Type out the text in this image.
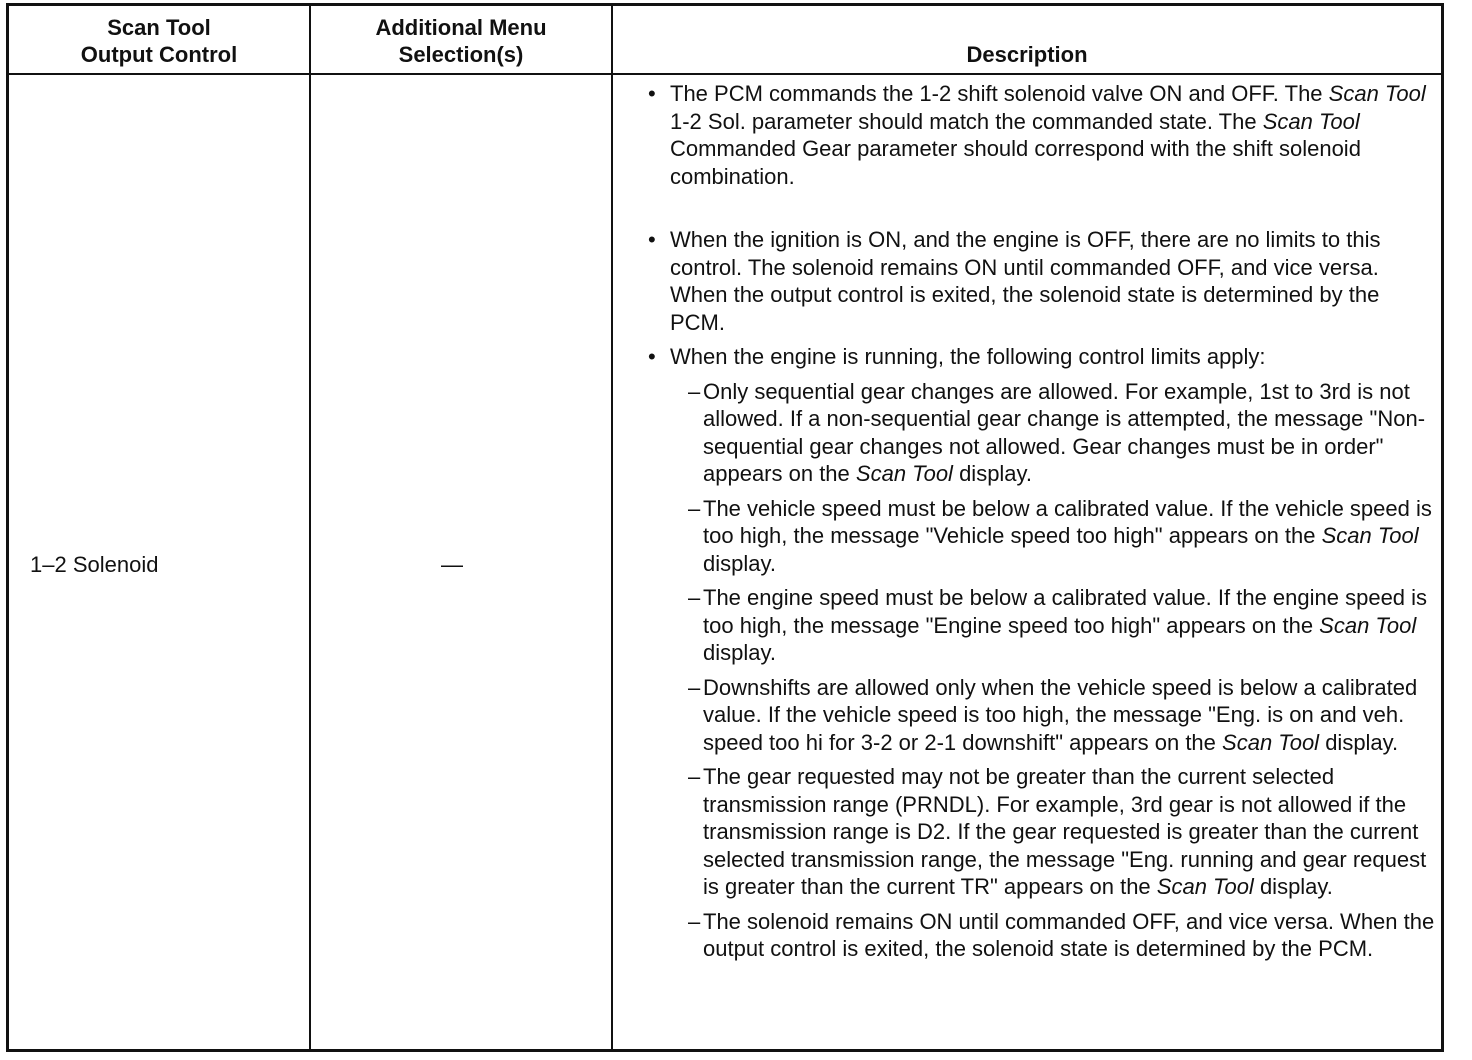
Scan Tool
Output Control
Additional Menu
Selection(s)	Description
1–2 Solenoid	—
• The PCM commands the 1-2 shift solenoid valve ON and OFF. The Scan Tool 1-2 Sol. parameter should match the commanded state. The Scan Tool Commanded Gear parameter should correspond with the shift solenoid combination.
• When the ignition is ON, and the engine is OFF, there are no limits to this control. The solenoid remains ON until commanded OFF, and vice versa. When the output control is exited, the solenoid state is determined by the PCM.
• When the engine is running, the following control limits apply:
– Only sequential gear changes are allowed. For example, 1st to 3rd is not allowed. If a non-sequential gear change is attempted, the message "Non-sequential gear changes not allowed. Gear changes must be in order" appears on the Scan Tool display.
– The vehicle speed must be below a calibrated value. If the vehicle speed is too high, the message "Vehicle speed too high" appears on the Scan Tool display.
– The engine speed must be below a calibrated value. If the engine speed is too high, the message "Engine speed too high" appears on the Scan Tool display.
– Downshifts are allowed only when the vehicle speed is below a calibrated value. If the vehicle speed is too high, the message "Eng. is on and veh. speed too hi for 3-2 or 2-1 downshift" appears on the Scan Tool display.
– The gear requested may not be greater than the current selected transmission range (PRNDL). For example, 3rd gear is not allowed if the transmission range is D2. If the gear requested is greater than the current selected transmission range, the message "Eng. running and gear request is greater than the current TR" appears on the Scan Tool display.
– The solenoid remains ON until commanded OFF, and vice versa. When the output control is exited, the solenoid state is determined by the PCM.
